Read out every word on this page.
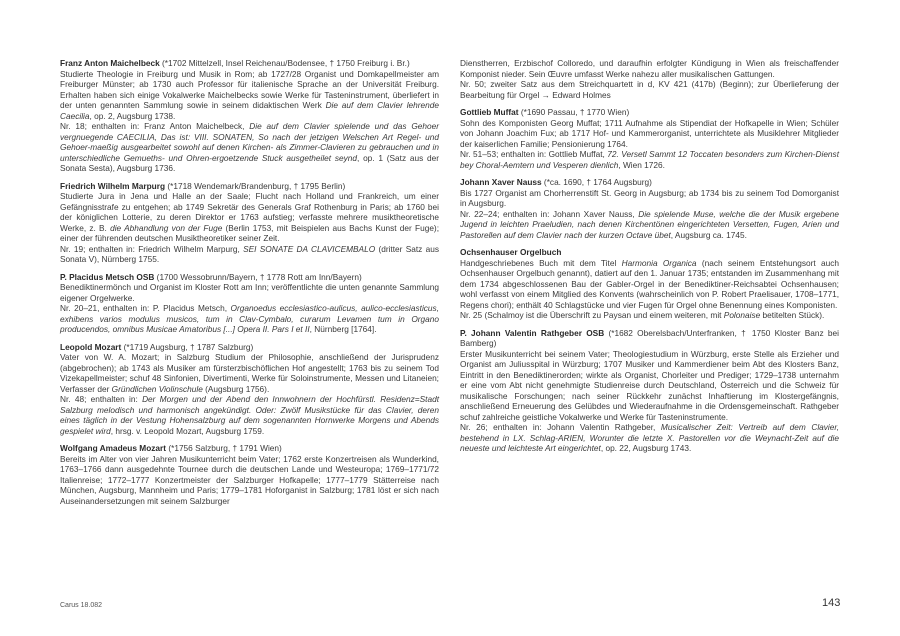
Franz Anton Maichelbeck (*1702 Mittelzell, Insel Reichenau/Bodensee, † 1750 Freiburg i. Br.)
Studierte Theologie in Freiburg und Musik in Rom; ab 1727/28 Organist und Domkapellmeister am Freiburger Münster; ab 1730 auch Professor für italienische Sprache an der Universität Freiburg. Erhalten haben sich einige Vokalwerke Maichelbecks sowie Werke für Tasteninstrument, überliefert in der unten genannten Sammlung sowie in seinem didaktischen Werk Die auf dem Clavier lehrende Caecilia, op. 2, Augsburg 1738.

Nr. 18; enthalten in: Franz Anton Maichelbeck, Die auf dem Clavier spielende und das Gehoer vergnuegende CAECILIA, Das ist: VIII. SONATEN, So nach der jetzigen Welschen Art Regel- und Gehoer-maeßig ausgearbeitet sowohl auf denen Kirchen- als Zimmer-Clavieren zu gebrauchen und in unterschiedliche Gemueths- und Ohren-ergoetzende Stuck ausgetheilet seynd, op. 1 (Satz aus der Sonata Sesta), Augsburg 1736.

Friedrich Wilhelm Marpurg (*1718 Wendemark/Brandenburg, † 1795 Berlin)
Studierte Jura in Jena und Halle an der Saale; Flucht nach Holland und Frankreich, um einer Gefängnisstrafe zu entgehen; ab 1749 Sekretär des Generals Graf Rothenburg in Paris; ab 1760 bei der königlichen Lotterie, zu deren Direktor er 1763 aufstieg; verfasste mehrere musiktheoretische Werke, z. B. die Abhandlung von der Fuge (Berlin 1753, mit Beispielen aus Bachs Kunst der Fuge); einer der führenden deutschen Musiktheoretiker seiner Zeit.

Nr. 19; enthalten in: Friedrich Wilhelm Marpurg, SEI SONATE DA CLAVICEMBALO (dritter Satz aus Sonata V), Nürnberg 1755.

P. Placidus Metsch OSB (1700 Wessobrunn/Bayern, † 1778 Rott am Inn/Bayern)
Benediktinermönch und Organist im Kloster Rott am Inn; veröffentlichte die unten genannte Sammlung eigener Orgelwerke.

Nr. 20–21, enthalten in: P. Placidus Metsch, Organoedus ecclesiastico-aulicus, aulico-ecclesiasticus, exhibens varios modulus musicos, tum in Clav-Cymbalo, curarum Levamen tum in Organo producendos, omnibus Musicae Amatoribus [...] Opera II. Pars I et II, Nürnberg [1764].

Leopold Mozart (*1719 Augsburg, † 1787 Salzburg)
Vater von W. A. Mozart; in Salzburg Studium der Philosophie, anschließend der Jurisprudenz (abgebrochen); ab 1743 als Musiker am fürsterzbischöflichen Hof angestellt; 1763 bis zu seinem Tod Vizekapellmeister; schuf 48 Sinfonien, Divertimenti, Werke für Soloinstrumente, Messen und Litaneien; Verfasser der Gründlichen Violinschule (Augsburg 1756).

Nr. 48; enthalten in: Der Morgen und der Abend den Innwohnern der Hochfürstl. Residenz=Stadt Salzburg melodisch und harmonisch angekündigt. Oder: Zwölf Musikstücke für das Clavier, deren eines täglich in der Vestung Hohensalzburg auf dem sogenannten Hornwerke Morgens und Abends gespielet wird, hrsg. v. Leopold Mozart, Augsburg 1759.

Wolfgang Amadeus Mozart (*1756 Salzburg, † 1791 Wien)
Bereits im Alter von vier Jahren Musikunterricht beim Vater; 1762 erste Konzertreisen als Wunderkind, 1763–1766 dann ausgedehnte Tournee durch die deutschen Lande und Westeuropa; 1769–1771/72 Italienreise; 1772–1777 Konzertmeister der Salzburger Hofkapelle; 1777–1779 Stätterreise nach München, Augsburg, Mannheim und Paris; 1779–1781 Hoforganist in Salzburg; 1781 löst er sich nach Auseinandersetzungen mit seinem Salzburger

Dienstherren, Erzbischof Colloredo, und daraufhin erfolgter Kündigung in Wien als freischaffender Komponist nieder. Sein Œuvre umfasst Werke nahezu aller musikalischen Gattungen.

Nr. 50; zweiter Satz aus dem Streichquartett in d, KV 421 (417b) (Beginn); zur Überlieferung der Bearbeitung für Orgel → Edward Holmes

Gottlieb Muffat (*1690 Passau, † 1770 Wien)
Sohn des Komponisten Georg Muffat; 1711 Aufnahme als Stipendiat der Hofkapelle in Wien; Schüler von Johann Joachim Fux; ab 1717 Hof- und Kammerorganist, unterrichtete als Musiklehrer Mitglieder der kaiserlichen Familie; Pensionierung 1764.

Nr. 51–53; enthalten in: Gottlieb Muffat, 72. Versetl Sammt 12 Toccaten besonders zum Kirchen-Dienst bey Choral-Aemtern und Vesperen dienlich, Wien 1726.

Johann Xaver Nauss (*ca. 1690, † 1764 Augsburg)
Bis 1727 Organist am Chorherrenstift St. Georg in Augsburg; ab 1734 bis zu seinem Tod Domorganist in Augsburg.

Nr. 22–24; enthalten in: Johann Xaver Nauss, Die spielende Muse, welche die der Musik ergebene Jugend in leichten Praeludien, nach denen Kirchentönen eingerichteten Versetten, Fugen, Arien und Pastorellen auf dem Clavier nach der kurzen Octave übet, Augsburg ca. 1745.

Ochsenhauser Orgelbuch
Handgeschriebenes Buch mit dem Titel Harmonia Organica (nach seinem Entstehungsort auch Ochsenhauser Orgelbuch genannt), datiert auf den 1. Januar 1735; entstanden im Zusammenhang mit dem 1734 abgeschlossenen Bau der Gabler-Orgel in der Benediktiner-Reichsabtei Ochsenhausen; wohl verfasst von einem Mitglied des Konvents (wahrscheinlich von P. Robert Praelisauer, 1708–1771, Regens chori); enthält 40 Schlagstücke und vier Fugen für Orgel ohne Benennung eines Komponisten.

Nr. 25 (Schalmoy ist die Überschrift zu Paysan und einem weiteren, mit Polonaise betitelten Stück).

P. Johann Valentin Rathgeber OSB (*1682 Oberelsbach/Unterfranken, † 1750 Kloster Banz bei Bamberg)
Erster Musikunterricht bei seinem Vater; Theologiestudium in Würzburg, erste Stelle als Erzieher und Organist am Juliusspital in Würzburg; 1707 Musiker und Kammerdiener beim Abt des Klosters Banz, Eintritt in den Benediktinerorden; wirkte als Organist, Chorleiter und Prediger; 1729–1738 unternahm er eine vom Abt nicht genehmigte Studienreise durch Deutschland, Österreich und die Schweiz für musikalische Forschungen; nach seiner Rückkehr zunächst Inhaftierung im Klostergefängnis, anschließend Erneuerung des Gelübdes und Wiederaufnahme in die Ordensgemeinschaft. Rathgeber schuf zahlreiche geistliche Vokalwerke und Werke für Tasteninstrumente.

Nr. 26; enthalten in: Johann Valentin Rathgeber, Musicalischer Zeit: Vertreib auf dem Clavier, bestehend in LX. Schlag-ARIEN, Worunter die letzte X. Pastorellen vor die Weynacht-Zeit auf die neueste und leichteste Art eingerichtet, op. 22, Augsburg 1743.

Carus 18.082	143
